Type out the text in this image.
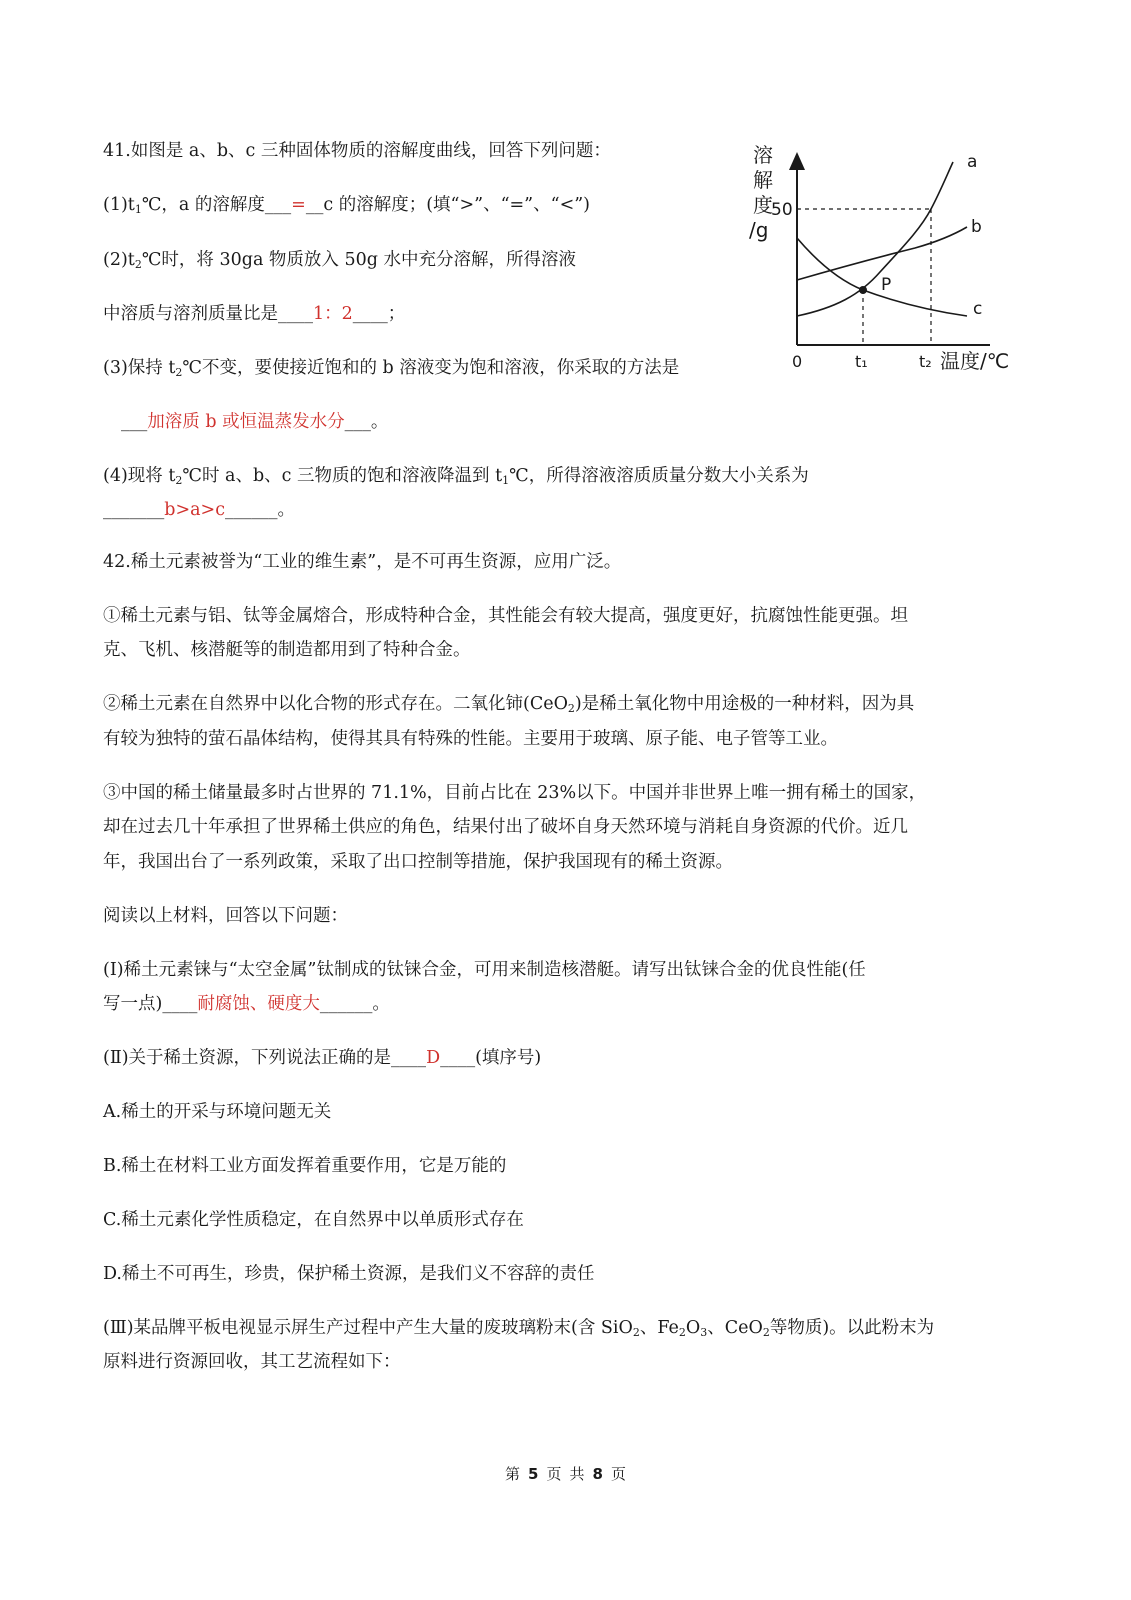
41.如图是 a、b、c 三种固体物质的溶解度曲线，回答下列问题：
$(1)t_1℃$，a 的溶解度___=__c 的溶解度；(填“>”、“=”、“<”)
$(2)t_2℃$时，将 30ga 物质放入 50g 水中充分溶解，所得溶液
中溶质与溶剂质量比是____1：2____；
(3)保持 $t_2℃$不变，要使接近饱和的 b 溶液变为饱和溶液，你采取的方法是
___加溶质 b 或恒温蒸发水分___。
(4)现将 $t_2℃$时 a、b、c 三物质的饱和溶液降温到 $t_1℃$，所得溶液溶质质量分数大小关系为
_______b>a>c______。
溶
解
度
/g
P
a
b
c
50
0	t₁	t₂ 温度/℃
42.稀土元素被誉为“工业的维生素”，是不可再生资源，应用广泛。
①稀土元素与铝、钛等金属熔合，形成特种合金，其性能会有较大提高，强度更好，抗腐蚀性能更强。坦
克、飞机、核潜艇等的制造都用到了特种合金。
②稀土元素在自然界中以化合物的形式存在。二氧化铈(CeO$_2$)是稀土氧化物中用途极的一种材料，因为具
有较为独特的萤石晶体结构，使得其具有特殊的性能。主要用于玻璃、原子能、电子管等工业。
③中国的稀土储量最多时占世界的 71.1%，目前占比在 23%以下。中国并非世界上唯一拥有稀土的国家，
却在过去几十年承担了世界稀土供应的角色，结果付出了破坏自身天然环境与消耗自身资源的代价。近几
年，我国出台了一系列政策，采取了出口控制等措施，保护我国现有的稀土资源。
阅读以上材料，回答以下问题：
(Ⅰ)稀土元素铼与“太空金属”钛制成的钛铼合金，可用来制造核潜艇。请写出钛铼合金的优良性能(任
写一点)____耐腐蚀、硬度大______。
(Ⅱ)关于稀土资源，下列说法正确的是____D____(填序号)
A.稀土的开采与环境问题无关
B.稀土在材料工业方面发挥着重要作用，它是万能的
C.稀土元素化学性质稳定，在自然界中以单质形式存在
D.稀土不可再生，珍贵，保护稀土资源，是我们义不容辞的责任
(Ⅲ)某品牌平板电视显示屏生产过程中产生大量的废玻璃粉末(含 SiO$_2$、$Fe_2O_3$、CeO$_2$等物质)。以此粉末为
原料进行资源回收，其工艺流程如下：
第 5 页 共 8 页
